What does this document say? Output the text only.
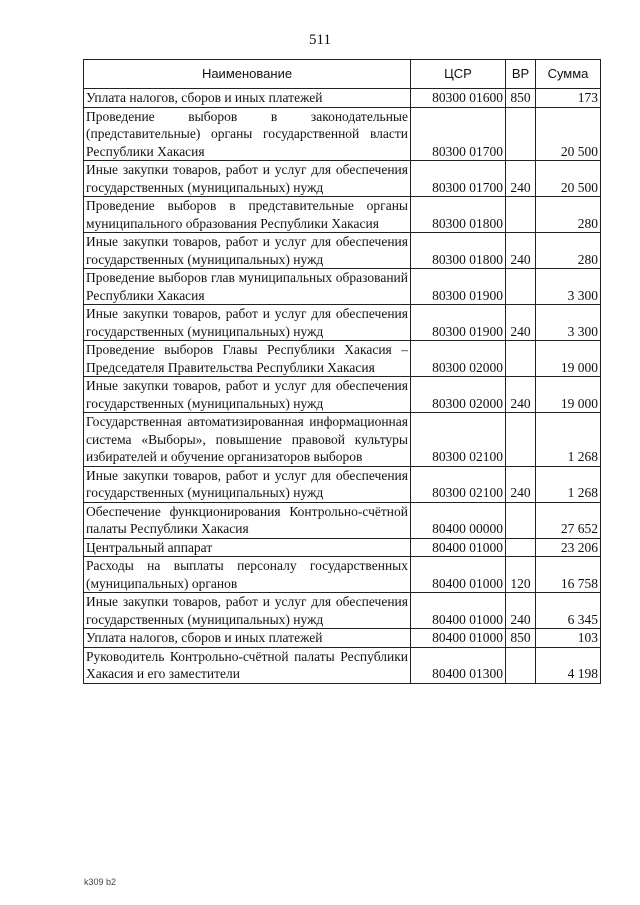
511
Наименование	ЦСР	ВР	Сумма
Уплата налогов, сборов и иных платежей	80300 01600	850	173
Проведение выборов в законодательные (представительные) органы государственной власти Республики Хакасия	80300 01700		20 500
Иные закупки товаров, работ и услуг для обеспечения государственных (муниципальных) нужд	80300 01700	240	20 500
Проведение выборов в представительные органы муниципального образования Республики Хакасия	80300 01800		280
Иные закупки товаров, работ и услуг для обеспечения государственных (муниципальных) нужд	80300 01800	240	280
Проведение выборов глав муниципальных образований Республики Хакасия	80300 01900		3 300
Иные закупки товаров, работ и услуг для обеспечения государственных (муниципальных) нужд	80300 01900	240	3 300
Проведение выборов Главы Республики Хакасия – Председателя Правительства Республики Хакасия	80300 02000		19 000
Иные закупки товаров, работ и услуг для обеспечения государственных (муниципальных) нужд	80300 02000	240	19 000
Государственная автоматизированная информационная система «Выборы», повышение правовой культуры избирателей и обучение организаторов выборов	80300 02100		1 268
Иные закупки товаров, работ и услуг для обеспечения государственных (муниципальных) нужд	80300 02100	240	1 268
Обеспечение функционирования Контрольно-счётной палаты Республики Хакасия	80400 00000		27 652
Центральный аппарат	80400 01000		23 206
Расходы на выплаты персоналу государственных (муниципальных) органов	80400 01000	120	16 758
Иные закупки товаров, работ и услуг для обеспечения государственных (муниципальных) нужд	80400 01000	240	6 345
Уплата налогов, сборов и иных платежей	80400 01000	850	103
Руководитель Контрольно-счётной палаты Республики Хакасия и его заместители	80400 01300		4 198
k309 b2
